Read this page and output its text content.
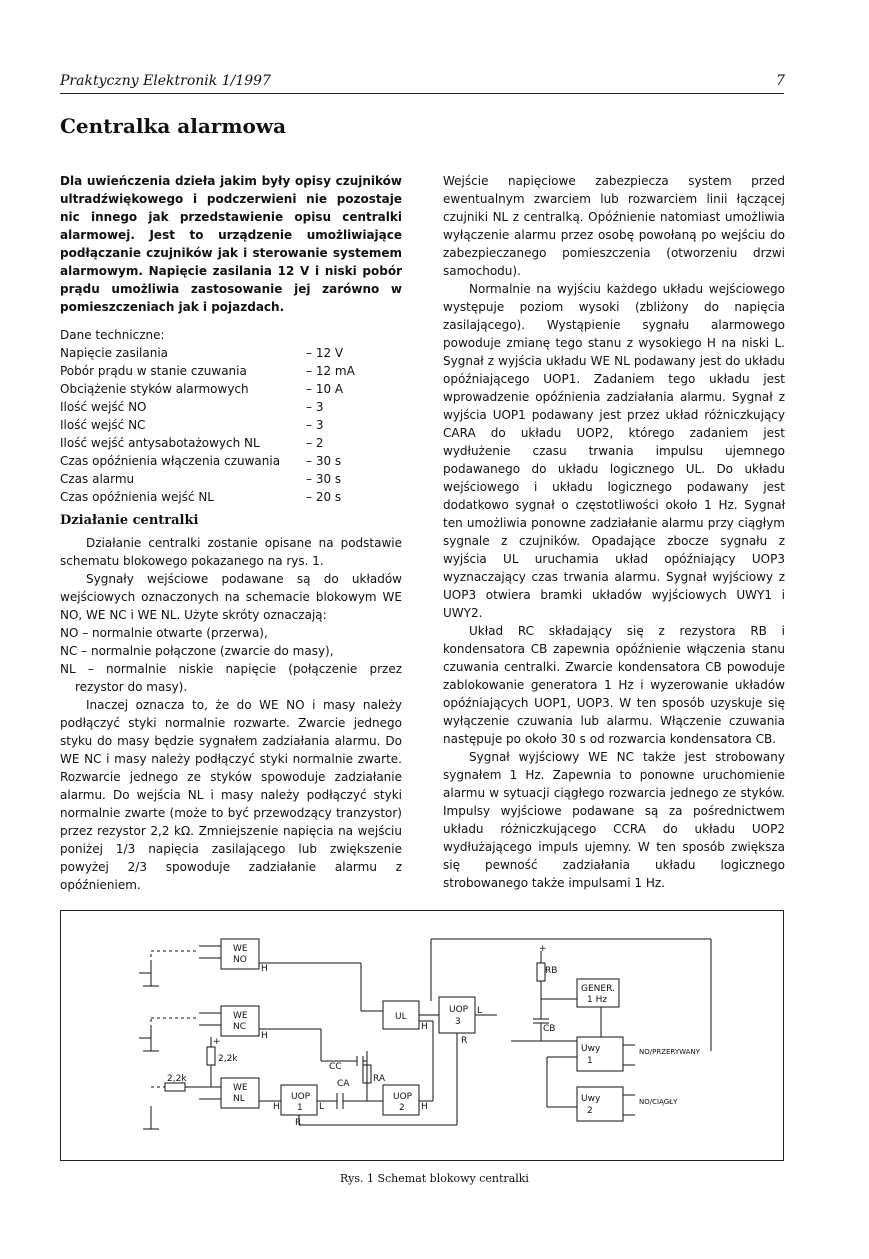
Praktyczny Elektronik 1/1997	7
Centralka alarmowa

Dla uwieńczenia dzieła jakim były opisy czujników ultradźwiękowego i podczerwieni nie pozostaje nic innego jak przedstawienie opisu centralki alarmowej. Jest to urządzenie umożliwiające podłączanie czujników jak i sterowanie systemem alarmowym. Napięcie zasilania 12 V i niski pobór prądu umożliwia zastosowanie jej zarówno w pomieszczeniach jak i pojazdach.

Dane techniczne:
Napięcie zasilania	– 12 V
Pobór prądu w stanie czuwania	– 12 mA
Obciążenie styków alarmowych	– 10 A
Ilość wejść NO	– 3
Ilość wejść NC	– 3
Ilość wejść antysabotażowych NL	– 2
Czas opóźnienia włączenia czuwania	– 30 s
Czas alarmu	– 30 s
Czas opóźnienia wejść NL	– 20 s
Działanie centralki

Działanie centralki zostanie opisane na podstawie schematu blokowego pokazanego na rys. 1.

Sygnały wejściowe podawane są do układów wejściowych oznaczonych na schemacie blokowym WE NO, WE NC i WE NL. Użyte skróty oznaczają:

NO – normalnie otwarte (przerwa),

NC – normalnie połączone (zwarcie do masy),

NL – normalnie niskie napięcie (połączenie przez rezystor do masy).

Inaczej oznacza to, że do WE NO i masy należy podłączyć styki normalnie rozwarte. Zwarcie jednego styku do masy będzie sygnałem zadziałania alarmu. Do WE NC i masy należy podłączyć styki normalnie zwarte. Rozwarcie jednego ze styków spowoduje zadziałanie alarmu. Do wejścia NL i masy należy podłączyć styki normalnie zwarte (może to być przewodzący tranzystor) przez rezystor 2,2 kΩ. Zmniejszenie napięcia na wejściu poniżej 1/3 napięcia zasilającego lub zwiększenie powyżej 2/3 spowoduje zadziałanie alarmu z opóźnieniem.

Wejście napięciowe zabezpiecza system przed ewentualnym zwarciem lub rozwarciem linii łączącej czujniki NL z centralką. Opóźnienie natomiast umożliwia wyłączenie alarmu przez osobę powołaną po wejściu do zabezpieczanego pomieszczenia (otworzeniu drzwi samochodu).

Normalnie na wyjściu każdego układu wejściowego występuje poziom wysoki (zbliżony do napięcia zasilającego). Wystąpienie sygnału alarmowego powoduje zmianę tego stanu z wysokiego H na niski L. Sygnał z wyjścia układu WE NL podawany jest do układu opóźniającego UOP1. Zadaniem tego układu jest wprowadzenie opóźnienia zadziałania alarmu. Sygnał z wyjścia UOP1 podawany jest przez układ różniczkujący CARA do układu UOP2, którego zadaniem jest wydłużenie czasu trwania impulsu ujemnego podawanego do układu logicznego UL. Do układu wejściowego i układu logicznego podawany jest dodatkowo sygnał o częstotliwości około 1 Hz. Sygnał ten umożliwia ponowne zadziałanie alarmu przy ciągłym sygnale z czujników. Opadające zbocze sygnału z wyjścia UL uruchamia układ opóźniający UOP3 wyznaczający czas trwania alarmu. Sygnał wyjściowy z UOP3 otwiera bramki układów wyjściowych UWY1 i UWY2.

Układ RC składający się z rezystora RB i kondensatora CB zapewnia opóźnienie włączenia stanu czuwania centralki. Zwarcie kondensatora CB powoduje zablokowanie generatora 1 Hz i wyzerowanie układów opóźniających UOP1, UOP3. W ten sposób uzyskuje się wyłączenie czuwania lub alarmu. Włączenie czuwania następuje po około 30 s od rozwarcia kondensatora CB.

Sygnał wyjściowy WE NC także jest strobowany sygnałem 1 Hz. Zapewnia to ponowne uruchomienie alarmu w sytuacji ciągłego rozwarcia jednego ze styków. Impulsy wyjściowe podawane są za pośrednictwem układu różniczkującego CCRA do układu UOP2 wydłużającego impuls ujemny. W ten sposób zwiększa się pewność zadziałania układu logicznego strobowanego także impulsami 1 Hz.

WE
NO
WE
NC
WE
NL
2,2k
2,2k
+
UL
UOP
3
UOP
1
UOP
2
GENER.
1 Hz
Uwy
1
Uwy
2
H
H
H
H
H
L
L
R
R
CC
CA	RA
RB
CB
+
NO/PRZERYWANY
NO/CIĄGŁY
Rys. 1 Schemat blokowy centralki
